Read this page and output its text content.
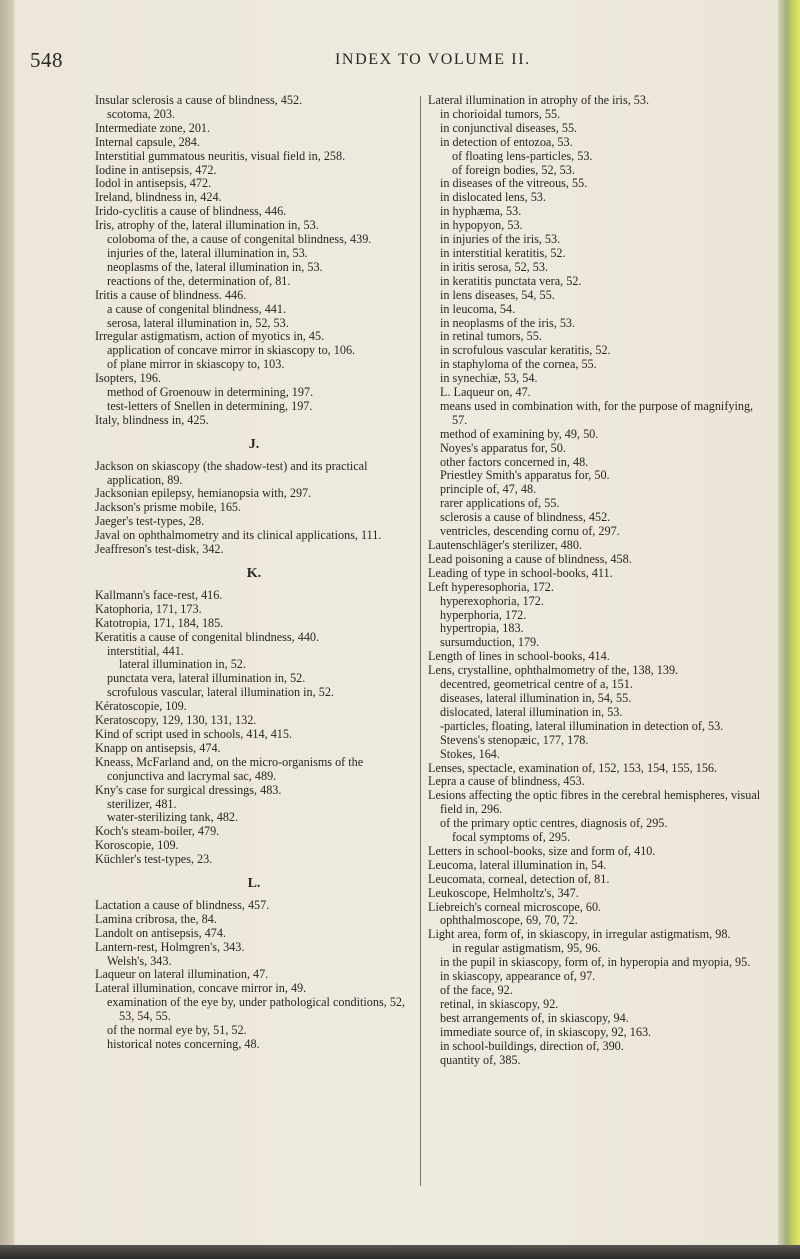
548	INDEX TO VOLUME II.

Insular sclerosis a cause of blindness, 452.

scotoma, 203.

Intermediate zone, 201.

Internal capsule, 284.

Interstitial gummatous neuritis, visual field in, 258.

Iodine in antisepsis, 472.

Iodol in antisepsis, 472.

Ireland, blindness in, 424.

Irido-cyclitis a cause of blindness, 446.

Iris, atrophy of the, lateral illumination in, 53.

coloboma of the, a cause of congenital blindness, 439.

injuries of the, lateral illumination in, 53.

neoplasms of the, lateral illumination in, 53.

reactions of the, determination of, 81.

Iritis a cause of blindness. 446.

a cause of congenital blindness, 441.

serosa, lateral illumination in, 52, 53.

Irregular astigmatism, action of myotics in, 45.

application of concave mirror in skiascopy to, 106.

of plane mirror in skiascopy to, 103.

Isopters, 196.

method of Groenouw in determining, 197.

test-letters of Snellen in determining, 197.

Italy, blindness in, 425.

J.

Jackson on skiascopy (the shadow-test) and its practical application, 89.

Jacksonian epilepsy, hemianopsia with, 297.

Jackson's prisme mobile, 165.

Jaeger's test-types, 28.

Javal on ophthalmometry and its clinical applications, 111.

Jeaffreson's test-disk, 342.

K.

Kallmann's face-rest, 416.

Katophoria, 171, 173.

Katotropia, 171, 184, 185.

Keratitis a cause of congenital blindness, 440.

interstitial, 441.

lateral illumination in, 52.

punctata vera, lateral illumination in, 52.

scrofulous vascular, lateral illumination in, 52.

Kératoscopie, 109.

Keratoscopy, 129, 130, 131, 132.

Kind of script used in schools, 414, 415.

Knapp on antisepsis, 474.

Kneass, McFarland and, on the micro-organisms of the conjunctiva and lacrymal sac, 489.

Kny's case for surgical dressings, 483.

sterilizer, 481.

water-sterilizing tank, 482.

Koch's steam-boiler, 479.

Koroscopie, 109.

Küchler's test-types, 23.

L.

Lactation a cause of blindness, 457.

Lamina cribrosa, the, 84.

Landolt on antisepsis, 474.

Lantern-rest, Holmgren's, 343.

Welsh's, 343.

Laqueur on lateral illumination, 47.

Lateral illumination, concave mirror in, 49.

examination of the eye by, under pathological conditions, 52, 53, 54, 55.

of the normal eye by, 51, 52.

historical notes concerning, 48.

Lateral illumination in atrophy of the iris, 53.

in chorioidal tumors, 55.

in conjunctival diseases, 55.

in detection of entozoa, 53.

of floating lens-particles, 53.

of foreign bodies, 52, 53.

in diseases of the vitreous, 55.

in dislocated lens, 53.

in hyphæma, 53.

in hypopyon, 53.

in injuries of the iris, 53.

in interstitial keratitis, 52.

in iritis serosa, 52, 53.

in keratitis punctata vera, 52.

in lens diseases, 54, 55.

in leucoma, 54.

in neoplasms of the iris, 53.

in retinal tumors, 55.

in scrofulous vascular keratitis, 52.

in staphyloma of the cornea, 55.

in synechiæ, 53, 54.

L. Laqueur on, 47.

means used in combination with, for the purpose of magnifying, 57.

method of examining by, 49, 50.

Noyes's apparatus for, 50.

other factors concerned in, 48.

Priestley Smith's apparatus for, 50.

principle of, 47, 48.

rarer applications of, 55.

sclerosis a cause of blindness, 452.

ventricles, descending cornu of, 297.

Lautenschläger's sterilizer, 480.

Lead poisoning a cause of blindness, 458.

Leading of type in school-books, 411.

Left hyperesophoria, 172.

hyperexophoria, 172.

hyperphoria, 172.

hypertropia, 183.

sursumduction, 179.

Length of lines in school-books, 414.

Lens, crystalline, ophthalmometry of the, 138, 139.

decentred, geometrical centre of a, 151.

diseases, lateral illumination in, 54, 55.

dislocated, lateral illumination in, 53.

-particles, floating, lateral illumination in detection of, 53.

Stevens's stenopæic, 177, 178.

Stokes, 164.

Lenses, spectacle, examination of, 152, 153, 154, 155, 156.

Lepra a cause of blindness, 453.

Lesions affecting the optic fibres in the cerebral hemispheres, visual field in, 296.

of the primary optic centres, diagnosis of, 295.

focal symptoms of, 295.

Letters in school-books, size and form of, 410.

Leucoma, lateral illumination in, 54.

Leucomata, corneal, detection of, 81.

Leukoscope, Helmholtz's, 347.

Liebreich's corneal microscope, 60.

ophthalmoscope, 69, 70, 72.

Light area, form of, in skiascopy, in irregular astigmatism, 98.

in regular astigmatism, 95, 96.

in the pupil in skiascopy, form of, in hyperopia and myopia, 95.

in skiascopy, appearance of, 97.

of the face, 92.

retinal, in skiascopy, 92.

best arrangements of, in skiascopy, 94.

immediate source of, in skiascopy, 92, 163.

in school-buildings, direction of, 390.

quantity of, 385.
